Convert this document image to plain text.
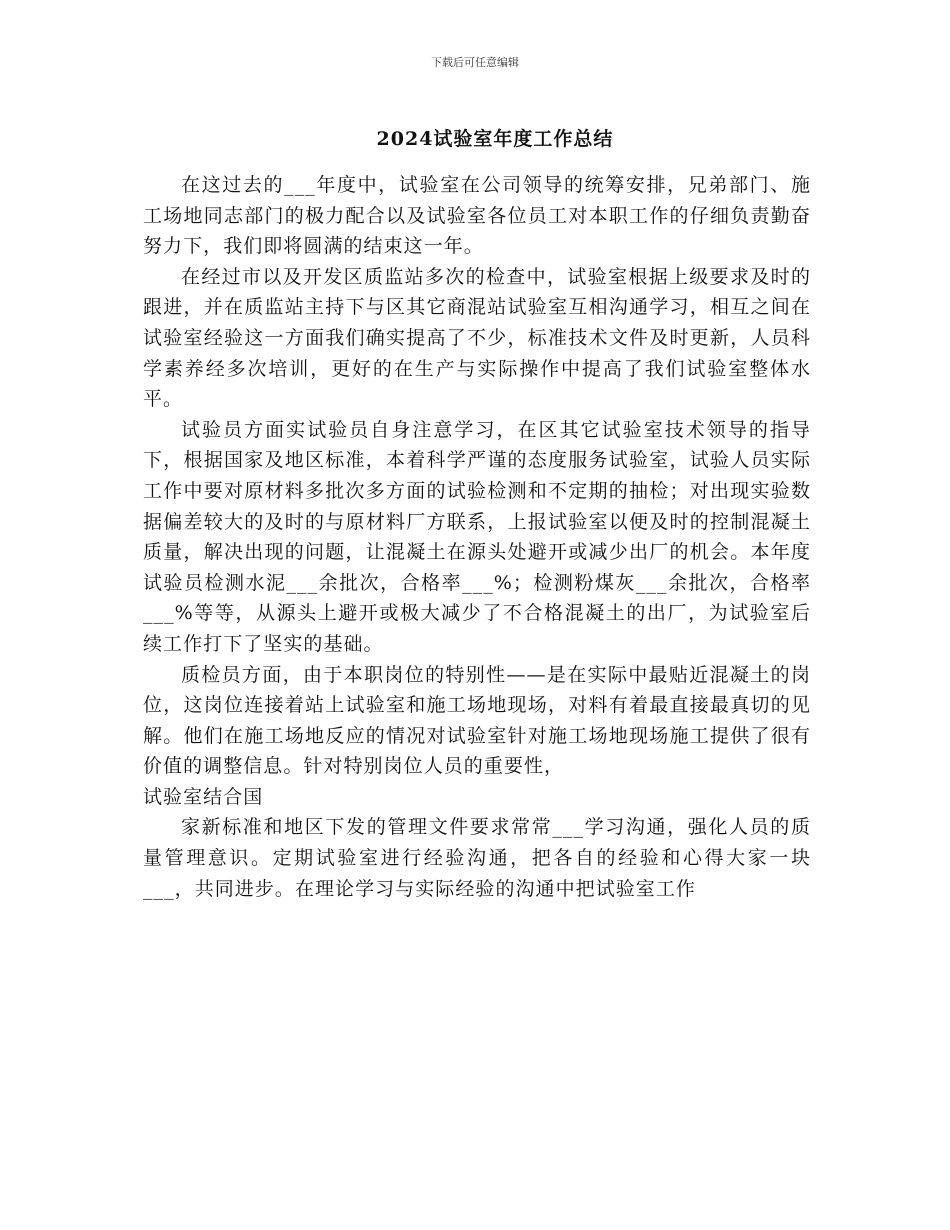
下载后可任意编辑
2024试验室年度工作总结

在这过去的___年度中，试验室在公司领导的统筹安排，兄弟部门、施工场地同志部门的极力配合以及试验室各位员工对本职工作的仔细负责勤奋努力下，我们即将圆满的结束这一年。

在经过市以及开发区质监站多次的检查中，试验室根据上级要求及时的跟进，并在质监站主持下与区其它商混站试验室互相沟通学习，相互之间在试验室经验这一方面我们确实提高了不少，标准技术文件及时更新，人员科学素养经多次培训，更好的在生产与实际操作中提高了我们试验室整体水平。

试验员方面实试验员自身注意学习，在区其它试验室技术领导的指导下，根据国家及地区标准，本着科学严谨的态度服务试验室，试验人员实际工作中要对原材料多批次多方面的试验检测和不定期的抽检；对出现实验数据偏差较大的及时的与原材料厂方联系，上报试验室以便及时的控制混凝土质量，解决出现的问题，让混凝土在源头处避开或减少出厂的机会。本年度试验员检测水泥___余批次，合格率___%；检测粉煤灰___余批次，合格率___%等等，从源头上避开或极大减少了不合格混凝土的出厂，为试验室后续工作打下了坚实的基础。

质检员方面，由于本职岗位的特别性——是在实际中最贴近混凝土的岗位，这岗位连接着站上试验室和施工场地现场，对料有着最直接最真切的见解。他们在施工场地反应的情况对试验室针对施工场地现场施工提供了很有价值的调整信息。针对特别岗位人员的重要性，

试验室结合国

家新标准和地区下发的管理文件要求常常___学习沟通，强化人员的质量管理意识。定期试验室进行经验沟通，把各自的经验和心得大家一块___，共同进步。在理论学习与实际经验的沟通中把试验室工作
